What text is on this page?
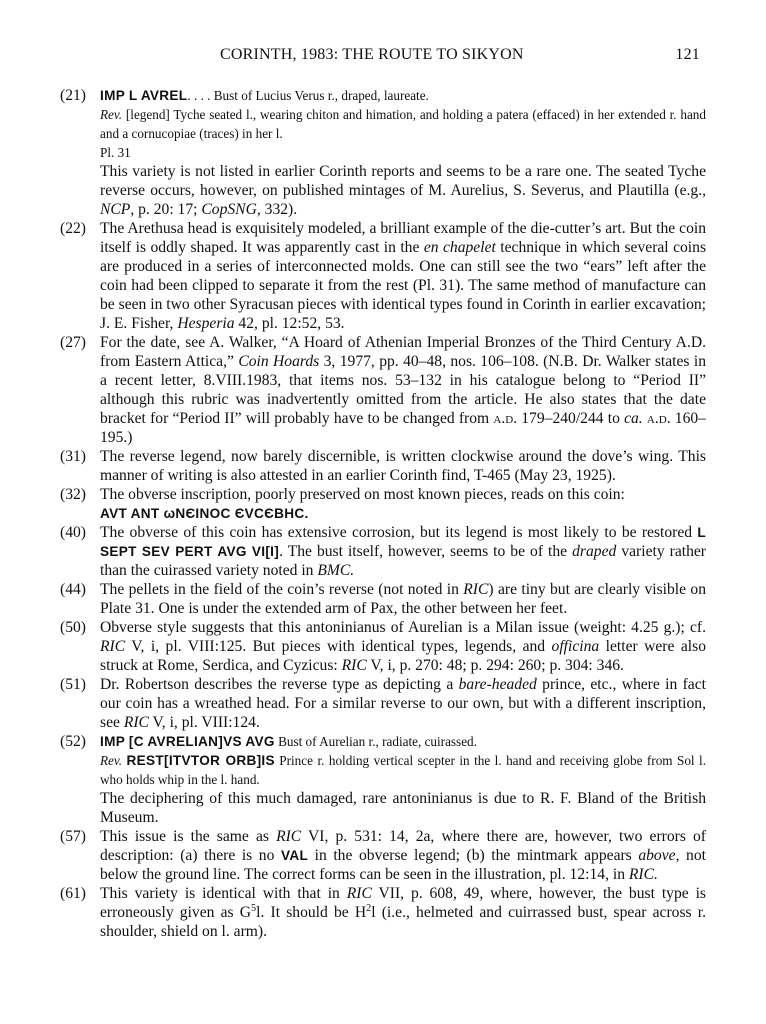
CORINTH, 1983: THE ROUTE TO SIKYON	121
(21)	IMP L AVREL. . . . Bust of Lucius Verus r., draped, laureate.

Rev. [legend] Tyche seated l., wearing chiton and himation, and holding a patera (effaced) in her extended r. hand and a cornucopiae (traces) in her l.

Pl. 31

This variety is not listed in earlier Corinth reports and seems to be a rare one. The seated Tyche reverse occurs, however, on published mintages of M. Aurelius, S. Severus, and Plautilla (e.g., NCP, p. 20: 17; CopSNG, 332).

(22) The Arethusa head is exquisitely modeled, a brilliant example of the die-cutter’s art. But the coin itself is oddly shaped. It was apparently cast in the en chapelet technique in which several coins are produced in a series of interconnected molds. One can still see the two “ears” left after the coin had been clipped to separate it from the rest (Pl. 31). The same method of manufacture can be seen in two other Syracusan pieces with identical types found in Corinth in earlier excavation; J. E. Fisher, Hesperia 42, pl. 12:52, 53.

(27) For the date, see A. Walker, “A Hoard of Athenian Imperial Bronzes of the Third Century A.D. from Eastern Attica,” Coin Hoards 3, 1977, pp. 40–48, nos. 106–108. (N.B. Dr. Walker states in a recent letter, 8.VIII.1983, that items nos. 53–132 in his catalogue belong to “Period II” although this rubric was inadvertently omitted from the article. He also states that the date bracket for “Period II” will probably have to be changed from a.d. 179–240/244 to ca. a.d. 160–195.)

(31) The reverse legend, now barely discernible, is written clockwise around the dove’s wing. This manner of writing is also attested in an earlier Corinth find, T-465 (May 23, 1925).

(32) The obverse inscription, poorly preserved on most known pieces, reads on this coin:

AVT ANT ωNЄINOC ЄVCЄBHC.

(40) The obverse of this coin has extensive corrosion, but its legend is most likely to be restored L SEPT SEV PERT AVG VI[I]. The bust itself, however, seems to be of the draped variety rather than the cuirassed variety noted in BMC.

(44) The pellets in the field of the coin’s reverse (not noted in RIC) are tiny but are clearly visible on Plate 31. One is under the extended arm of Pax, the other between her feet.

(50) Obverse style suggests that this antoninianus of Aurelian is a Milan issue (weight: 4.25 g.); cf. RIC V, i, pl. VIII:125. But pieces with identical types, legends, and officina letter were also struck at Rome, Serdica, and Cyzicus: RIC V, i, p. 270: 48; p. 294: 260; p. 304: 346.

(51) Dr. Robertson describes the reverse type as depicting a bare-headed prince, etc., where in fact our coin has a wreathed head. For a similar reverse to our own, but with a different inscription, see RIC V, i, pl. VIII:124.

(52)	IMP [C AVRELIAN]VS AVG Bust of Aurelian r., radiate, cuirassed.

Rev. REST[ITVTOR ORB]IS Prince r. holding vertical scepter in the l. hand and receiving globe from Sol l. who holds whip in the l. hand.

The deciphering of this much damaged, rare antoninianus is due to R. F. Bland of the British Museum.

(57) This issue is the same as RIC VI, p. 531: 14, 2a, where there are, however, two errors of description: (a) there is no VAL in the obverse legend; (b) the mintmark appears above, not below the ground line. The correct forms can be seen in the illustration, pl. 12:14, in RIC.

(61) This variety is identical with that in RIC VII, p. 608, 49, where, however, the bust type is erroneously given as $G^5l$. It should be $H^2l$ (i.e., helmeted and cuirrassed bust, spear across r. shoulder, shield on l. arm).
